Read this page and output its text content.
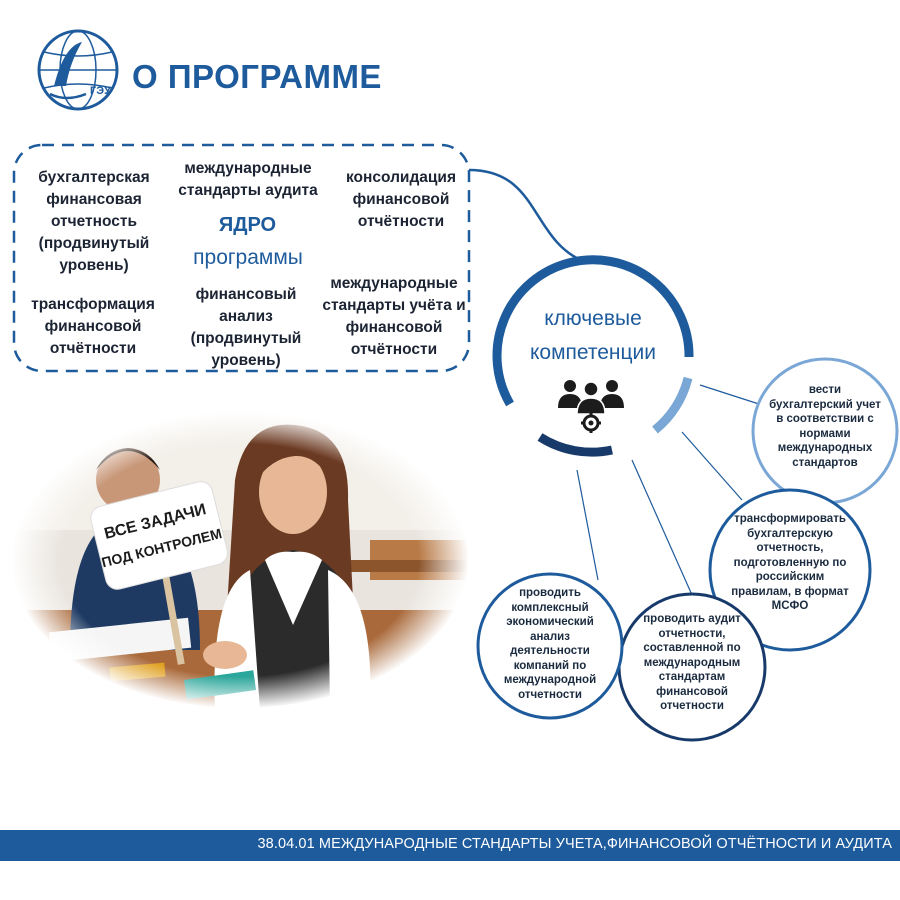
ГЭУ О ПРОГРАММЕ
бухгалтерская финансовая отчетность (продвинутый уровень)
международные стандарты аудита
консолидация финансовой отчётности
ЯДРО
программы
трансформация финансовой отчётности
финансовый анализ (продвинутый уровень)
международные стандарты учёта и финансовой отчётности
ключевые
компетенции
вести бухгалтерский учет в соответствии с нормами международных стандартов
трансформировать бухгалтерскую отчетность, подготовленную по российским правилам, в формат МСФО
проводить аудит отчетности, составленной по международным стандартам финансовой отчетности
проводить комплексный экономический анализ деятельности компаний по международной отчетности
38.04.01 МЕЖДУНАРОДНЫЕ СТАНДАРТЫ УЧЕТА,ФИНАНСОВОЙ ОТЧЁТНОСТИ И АУДИТА
